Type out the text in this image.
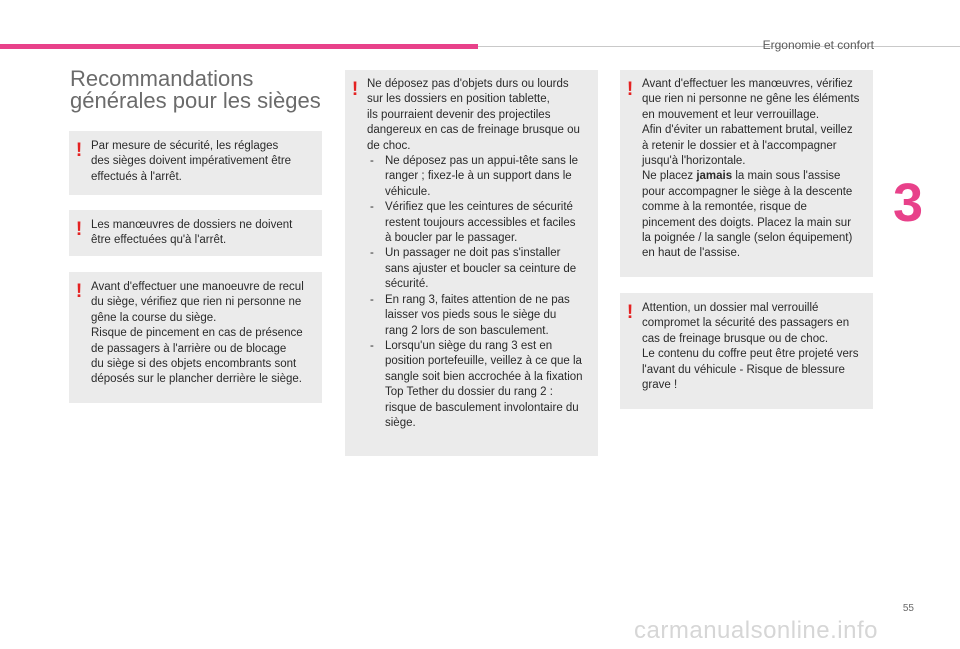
Ergonomie et confort
3
Recommandations
générales pour les sièges
! Par mesure de sécurité, les réglages
des sièges doivent impérativement être
effectués à l'arrêt.

! Les manœuvres de dossiers ne doivent
être effectuées qu'à l'arrêt.

! Avant d'effectuer une manoeuvre de recul
du siège, vérifiez que rien ni personne ne
gêne la course du siège.
Risque de pincement en cas de présence
de passagers à l'arrière ou de blocage
du siège si des objets encombrants sont
déposés sur le plancher derrière le siège.

! Ne déposez pas d'objets durs ou lourds
sur les dossiers en position tablette,
ils pourraient devenir des projectiles
dangereux en cas de freinage brusque ou
de choc.

- Ne déposez pas un appui-tête sans le
ranger ; fixez-le à un support dans le
véhicule.
- Vérifiez que les ceintures de sécurité
restent toujours accessibles et faciles
à boucler par le passager.
- Un passager ne doit pas s'installer
sans ajuster et boucler sa ceinture de
sécurité.
- En rang 3, faites attention de ne pas
laisser vos pieds sous le siège du
rang 2 lors de son basculement.
- Lorsqu'un siège du rang 3 est en
position portefeuille, veillez à ce que la
sangle soit bien accrochée à la fixation
Top Tether du dossier du rang 2 :
risque de basculement involontaire du
siège.
! Avant d'effectuer les manœuvres, vérifiez
que rien ni personne ne gêne les éléments
en mouvement et leur verrouillage.
Afin d'éviter un rabattement brutal, veillez
à retenir le dossier et à l'accompagner
jusqu'à l'horizontale.
Ne placez jamais la main sous l'assise
pour accompagner le siège à la descente
comme à la remontée, risque de
pincement des doigts. Placez la main sur
la poignée / la sangle (selon équipement)
en haut de l'assise.

! Attention, un dossier mal verrouillé
compromet la sécurité des passagers en
cas de freinage brusque ou de choc.
Le contenu du coffre peut être projeté vers
l'avant du véhicule - Risque de blessure
grave !

55
carmanualsonline.info
